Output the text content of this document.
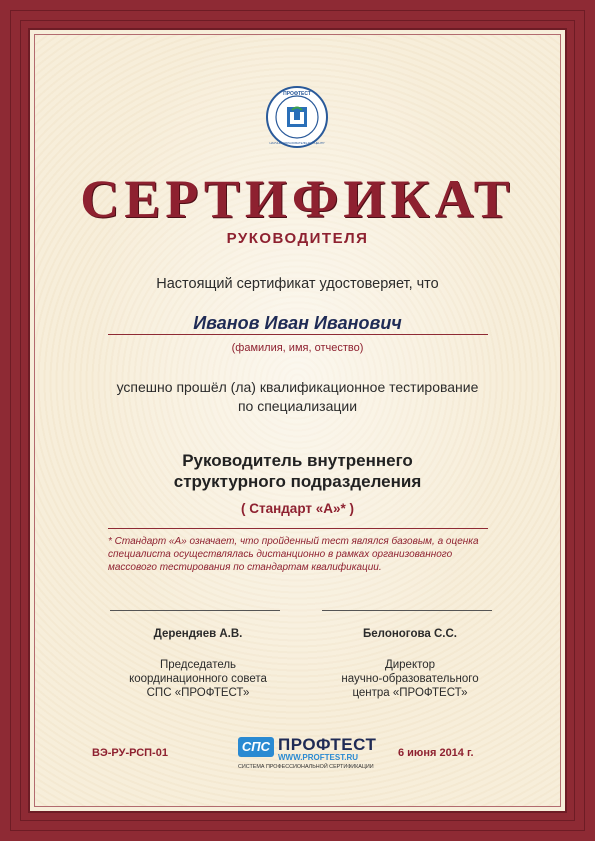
ПРОФТЕСТ
НАУЧНО-ОБРАЗОВАТЕЛЬНЫЙ ЦЕНТР
СЕРТИФИКАТ
РУКОВОДИТЕЛЯ
Настоящий сертификат удостоверяет, что
Иванов Иван Иванович
(фамилия, имя, отчество)
успешно прошёл (ла) квалификационное тестирование
по специализации
Руководитель внутреннего
структурного подразделения
( Стандарт «А»* )
* Стандарт «А» означает, что пройденный тест являлся базовым, а оценка специалиста осуществлялась дистанционно в рамках организованного массового тестирования по стандартам квалификации.
Дерендяев А.В.
Председатель
координационного совета
СПС «ПРОФТЕСТ»
Белоногова С.С.
Директор
научно-образовательного
центра «ПРОФТЕСТ»
ВЭ-РУ-РСП-01	СПС ПРОФТЕСТ
WWW.PROFTEST.RU
СИСТЕМА ПРОФЕССИОНАЛЬНОЙ СЕРТИФИКАЦИИ
6 июня 2014 г.
